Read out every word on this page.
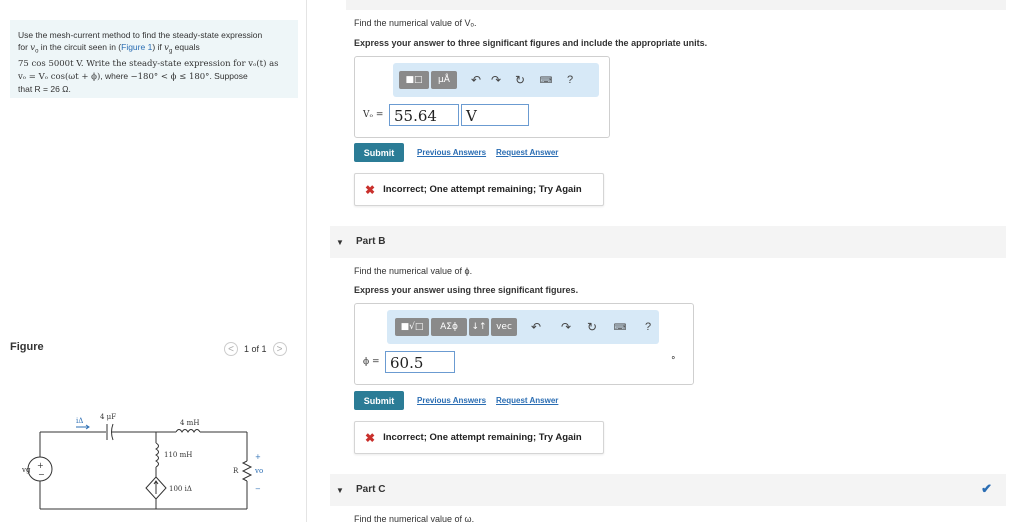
Use the mesh-current method to find the steady-state expression
for $v_o$ in the circuit seen in (Figure 1) if $v_g$ equals
75 cos 5000t V. Write the steady-state expression for vₒ(t) as
vₒ = Vₒ cos(ωt + ϕ), where −180° < ϕ ≤ 180°. Suppose
that R = 26 Ω.
Figure	<	1 of 1	>
iΔ 4 μF
4 mH
110 mH
100 iΔ
R
vg +
−
+
vo
−
Find the numerical value of Vₒ.
Express your answer to three significant figures and include the appropriate units.
■□	μÅ	↶ ↷ ↻ ⌨	?
Vₒ = 55.64	V
Submit	Previous Answers Request Answer
✖ Incorrect; One attempt remaining; Try Again
▼ Part B
Find the numerical value of ϕ.
Express your answer using three significant figures.
■√□	AΣϕ	↓↑	vec	↶ ↷ ↻ ⌨	?
ϕ = 60.5	°
Submit	Previous Answers Request Answer
✖ Incorrect; One attempt remaining; Try Again
▼ Part C	✔
Find the numerical value of ω.
